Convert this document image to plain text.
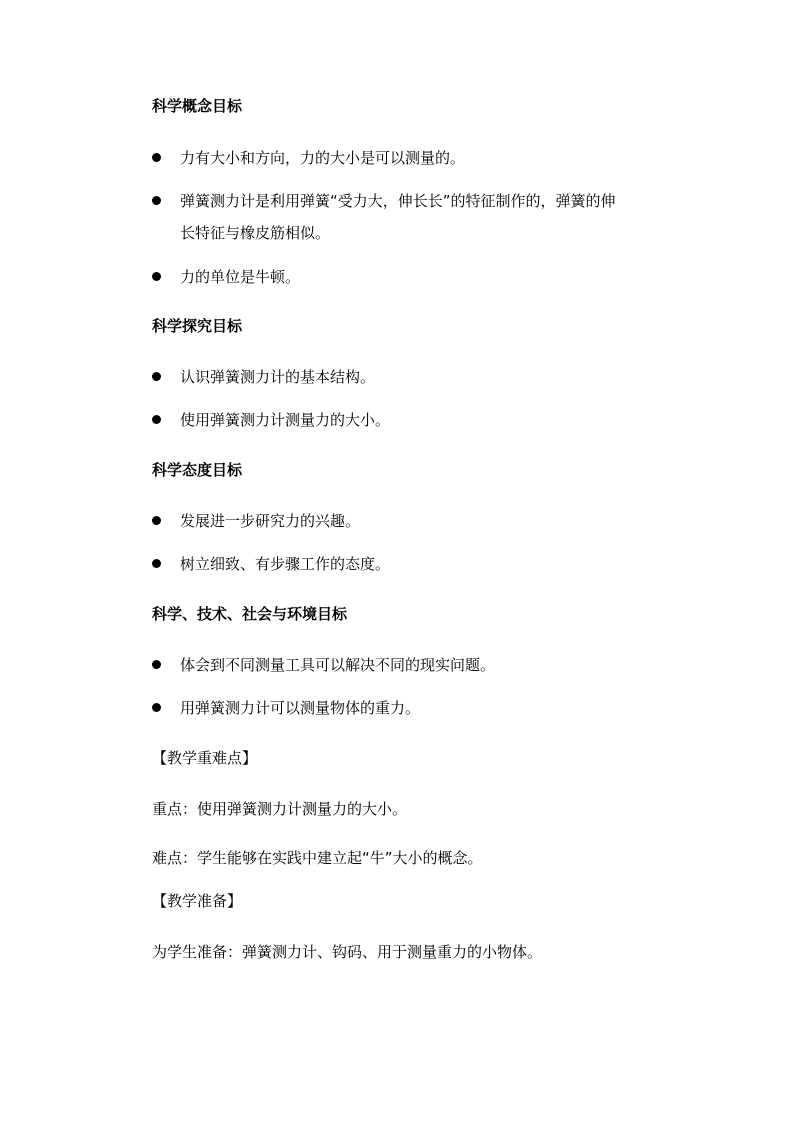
科学概念目标
力有大小和方向，力的大小是可以测量的。
弹簧测力计是利用弹簧“受力大，伸长长”的特征制作的，弹簧的伸
长特征与橡皮筋相似。
力的单位是牛顿。
科学探究目标
认识弹簧测力计的基本结构。
使用弹簧测力计测量力的大小。
科学态度目标
发展进一步研究力的兴趣。
树立细致、有步骤工作的态度。
科学、技术、社会与环境目标
体会到不同测量工具可以解决不同的现实问题。
用弹簧测力计可以测量物体的重力。
【教学重难点】
重点：使用弹簧测力计测量力的大小。
难点：学生能够在实践中建立起“牛”大小的概念。
【教学准备】
为学生准备：弹簧测力计、钩码、用于测量重力的小物体。
